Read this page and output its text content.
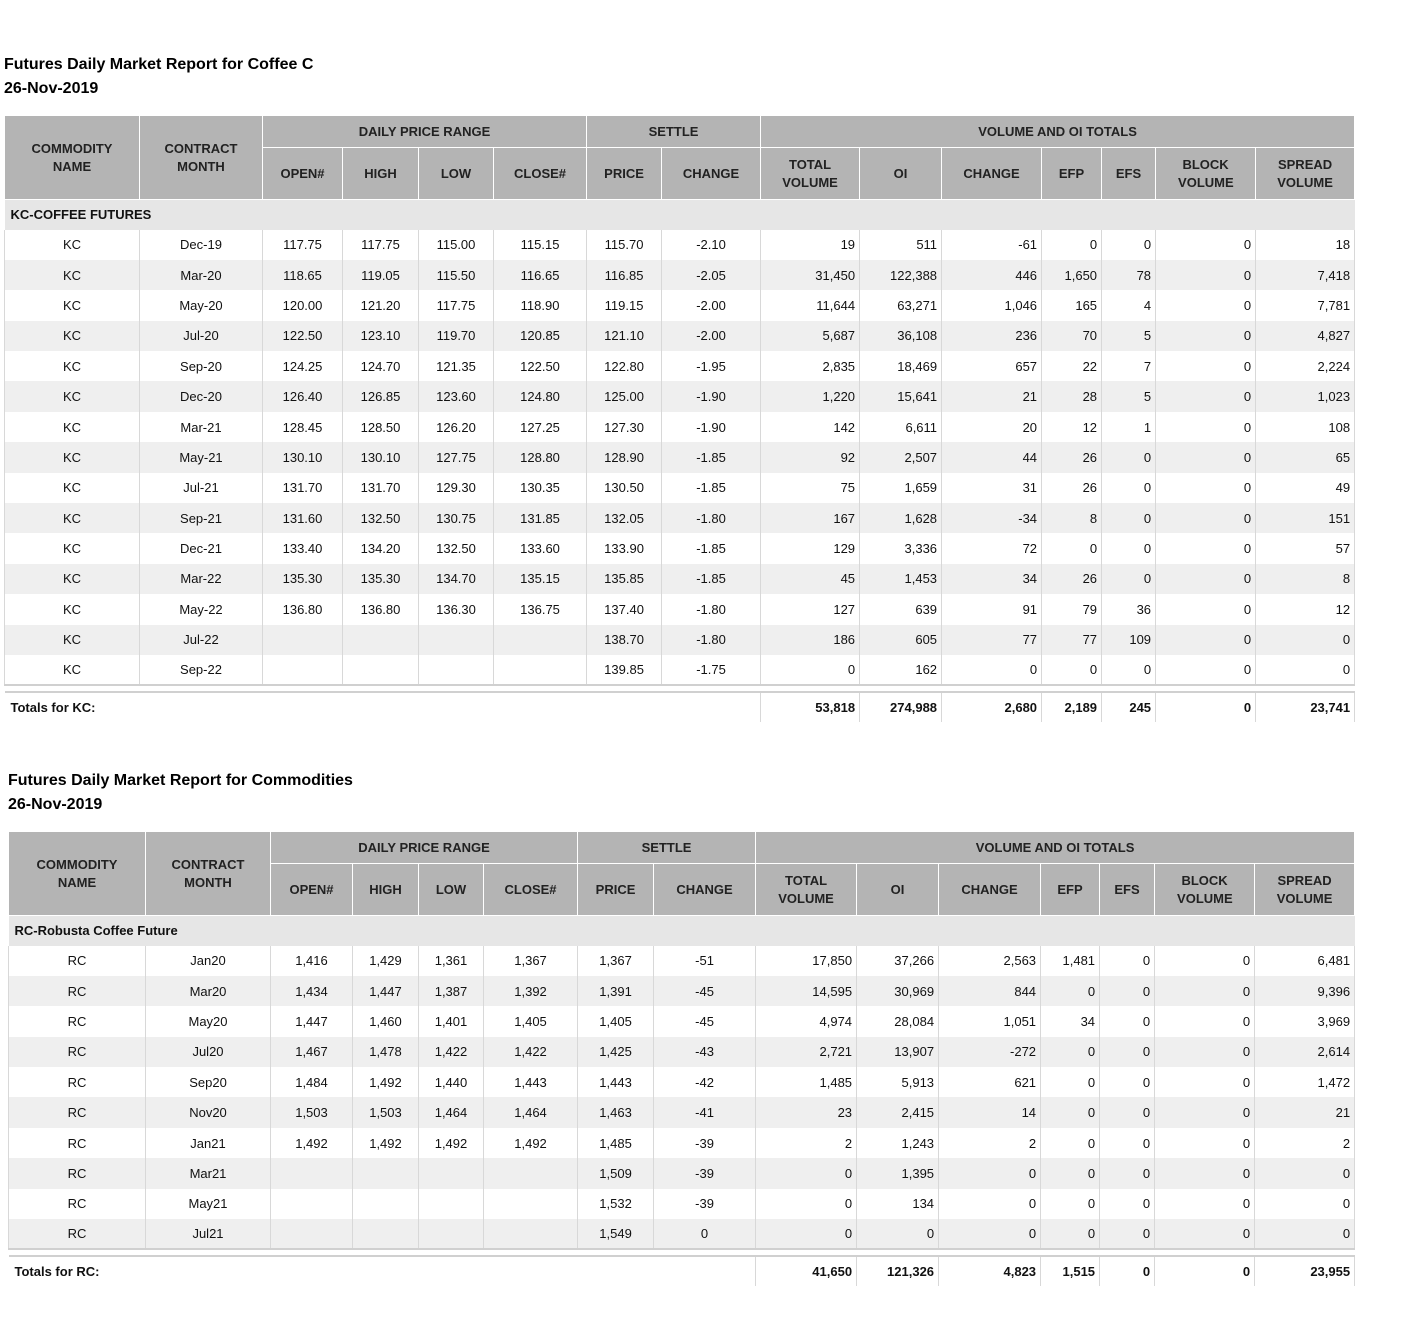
Futures Daily Market Report for Coffee C
26-Nov-2019
COMMODITY NAME	CONTRACT MONTH	DAILY PRICE RANGE				SETTLE		VOLUME AND OI TOTALS						
		OPEN#	HIGH	LOW	CLOSE#	PRICE	CHANGE	TOTAL VOLUME	OI	CHANGE	EFP	EFS	BLOCK VOLUME	SPREAD VOLUME
KC-COFFEE FUTURES														
KC	Dec-19	117.75	117.75	115.00	115.15	115.70	-2.10	19	511	-61	0	0	0	18
KC	Mar-20	118.65	119.05	115.50	116.65	116.85	-2.05	31,450	122,388	446	1,650	78	0	7,418
KC	May-20	120.00	121.20	117.75	118.90	119.15	-2.00	11,644	63,271	1,046	165	4	0	7,781
KC	Jul-20	122.50	123.10	119.70	120.85	121.10	-2.00	5,687	36,108	236	70	5	0	4,827
KC	Sep-20	124.25	124.70	121.35	122.50	122.80	-1.95	2,835	18,469	657	22	7	0	2,224
KC	Dec-20	126.40	126.85	123.60	124.80	125.00	-1.90	1,220	15,641	21	28	5	0	1,023
KC	Mar-21	128.45	128.50	126.20	127.25	127.30	-1.90	142	6,611	20	12	1	0	108
KC	May-21	130.10	130.10	127.75	128.80	128.90	-1.85	92	2,507	44	26	0	0	65
KC	Jul-21	131.70	131.70	129.30	130.35	130.50	-1.85	75	1,659	31	26	0	0	49
KC	Sep-21	131.60	132.50	130.75	131.85	132.05	-1.80	167	1,628	-34	8	0	0	151
KC	Dec-21	133.40	134.20	132.50	133.60	133.90	-1.85	129	3,336	72	0	0	0	57
KC	Mar-22	135.30	135.30	134.70	135.15	135.85	-1.85	45	1,453	34	26	0	0	8
KC	May-22	136.80	136.80	136.30	136.75	137.40	-1.80	127	639	91	79	36	0	12
KC	Jul-22					138.70	-1.80	186	605	77	77	109	0	0
KC	Sep-22					139.85	-1.75	0	162	0	0	0	0	0

Totals for KC:								53,818	274,988	2,680	2,189	245	0	23,741
Futures Daily Market Report for Commodities
26-Nov-2019
COMMODITY NAME	CONTRACT MONTH	DAILY PRICE RANGE				SETTLE		VOLUME AND OI TOTALS						
		OPEN#	HIGH	LOW	CLOSE#	PRICE	CHANGE	TOTAL VOLUME	OI	CHANGE	EFP	EFS	BLOCK VOLUME	SPREAD VOLUME
RC-Robusta Coffee Future														
RC	Jan20	1,416	1,429	1,361	1,367	1,367	-51	17,850	37,266	2,563	1,481	0	0	6,481
RC	Mar20	1,434	1,447	1,387	1,392	1,391	-45	14,595	30,969	844	0	0	0	9,396
RC	May20	1,447	1,460	1,401	1,405	1,405	-45	4,974	28,084	1,051	34	0	0	3,969
RC	Jul20	1,467	1,478	1,422	1,422	1,425	-43	2,721	13,907	-272	0	0	0	2,614
RC	Sep20	1,484	1,492	1,440	1,443	1,443	-42	1,485	5,913	621	0	0	0	1,472
RC	Nov20	1,503	1,503	1,464	1,464	1,463	-41	23	2,415	14	0	0	0	21
RC	Jan21	1,492	1,492	1,492	1,492	1,485	-39	2	1,243	2	0	0	0	2
RC	Mar21					1,509	-39	0	1,395	0	0	0	0	0
RC	May21					1,532	-39	0	134	0	0	0	0	0
RC	Jul21					1,549	0	0	0	0	0	0	0	0

Totals for RC:								41,650	121,326	4,823	1,515	0	0	23,955
